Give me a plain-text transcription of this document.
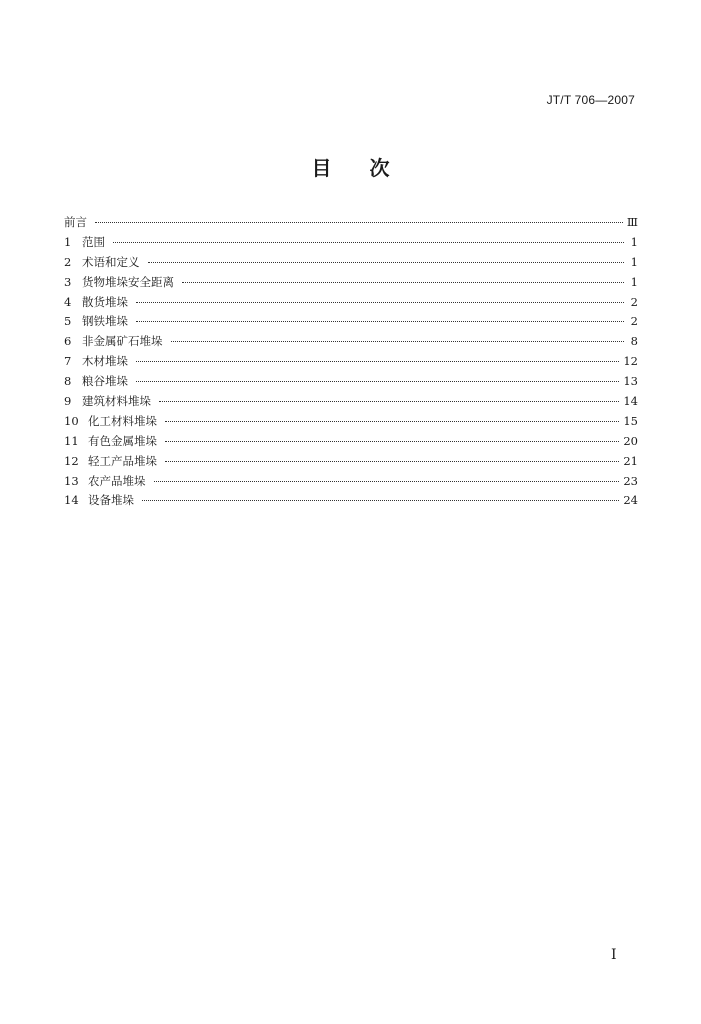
JT/T 706—2007
目 次
前言	Ⅲ
1 范围	1
2 术语和定义	1
3 货物堆垛安全距离	1
4 散货堆垛	2
5 钢铁堆垛	2
6 非金属矿石堆垛	8
7 木材堆垛	12
8 粮谷堆垛	13
9 建筑材料堆垛	14
10 化工材料堆垛	15
11 有色金属堆垛	20
12 轻工产品堆垛	21
13 农产品堆垛	23
14 设备堆垛	24
Ⅰ
